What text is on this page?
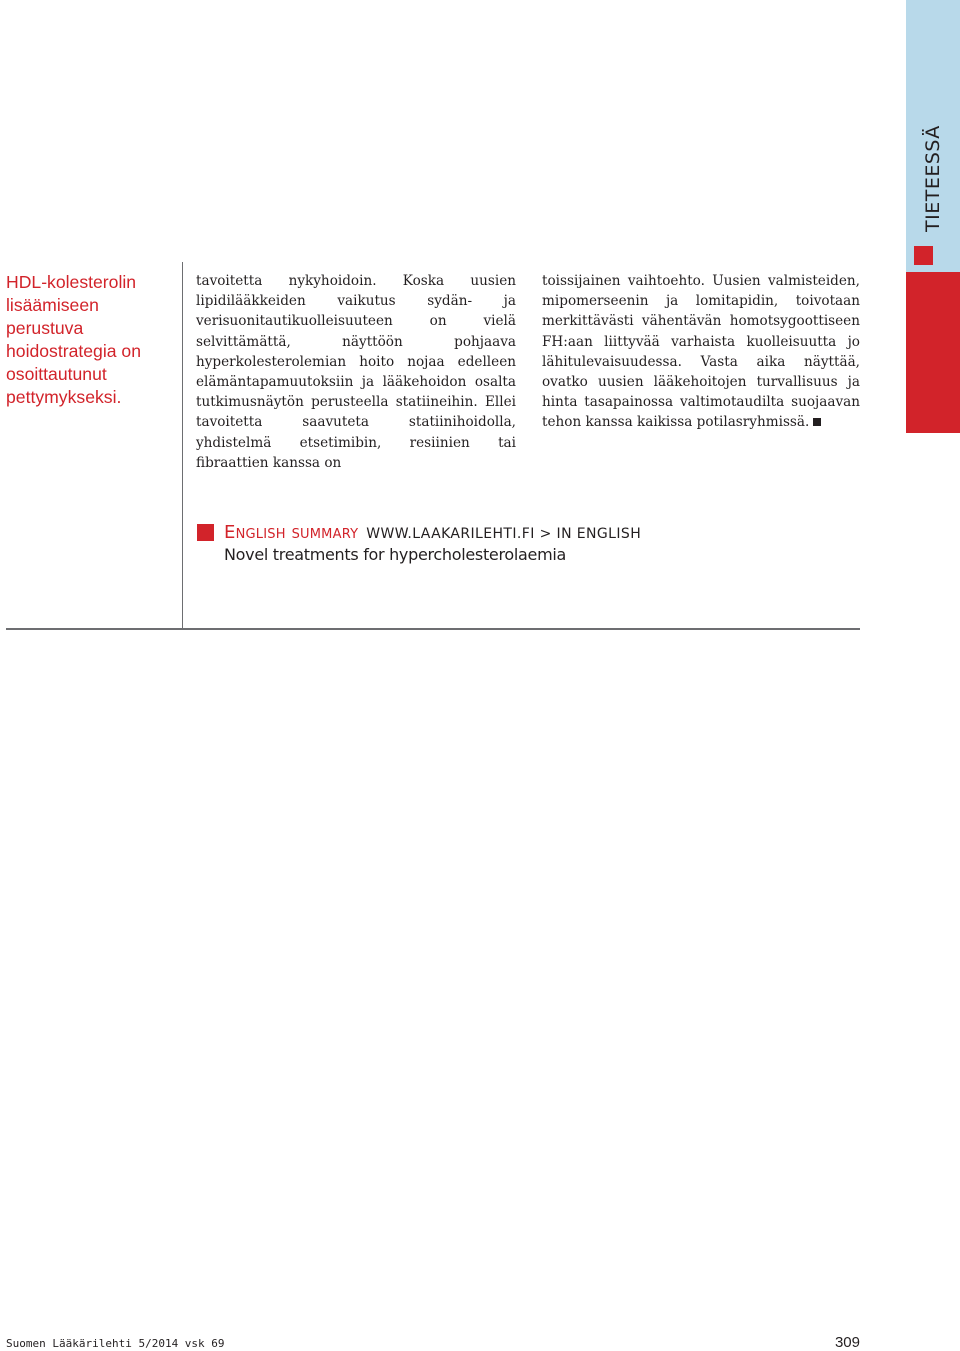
TIETEESSÄ
HDL-kolesterolin lisäämiseen perustuva hoidostrategia on osoittautunut pettymykseksi.

tavoitetta nykyhoidoin. Koska uusien lipidilääkkeiden vaikutus sydän- ja verisuonitautikuolleisuuteen on vielä selvittämättä, näyttöön pohjaava hyperkolesterolemian hoito nojaa edelleen elämäntapamuutoksiin ja lääkehoidon osalta tutkimusnäytön perusteella statiineihin. Ellei tavoitetta saavuteta statiinihoidolla, yhdistelmä etsetimibin, resiinien tai fibraattien kanssa on

toissijainen vaihtoehto. Uusien valmisteiden, mipomerseenin ja lomitapidin, toivotaan merkittävästi vähentävän homotsygoottiseen FH:aan liittyvää varhaista kuolleisuutta jo lähitulevaisuudessa. Vasta aika näyttää, ovatko uusien lääkehoitojen turvallisuus ja hinta tasapainossa valtimotaudilta suojaavan tehon kanssa kaikissa potilasryhmissä.

English summary WWW.LAAKARILEHTI.FI > IN ENGLISH
Novel treatments for hypercholesterolaemia
Suomen Lääkärilehti 5/2014 vsk 69	309
